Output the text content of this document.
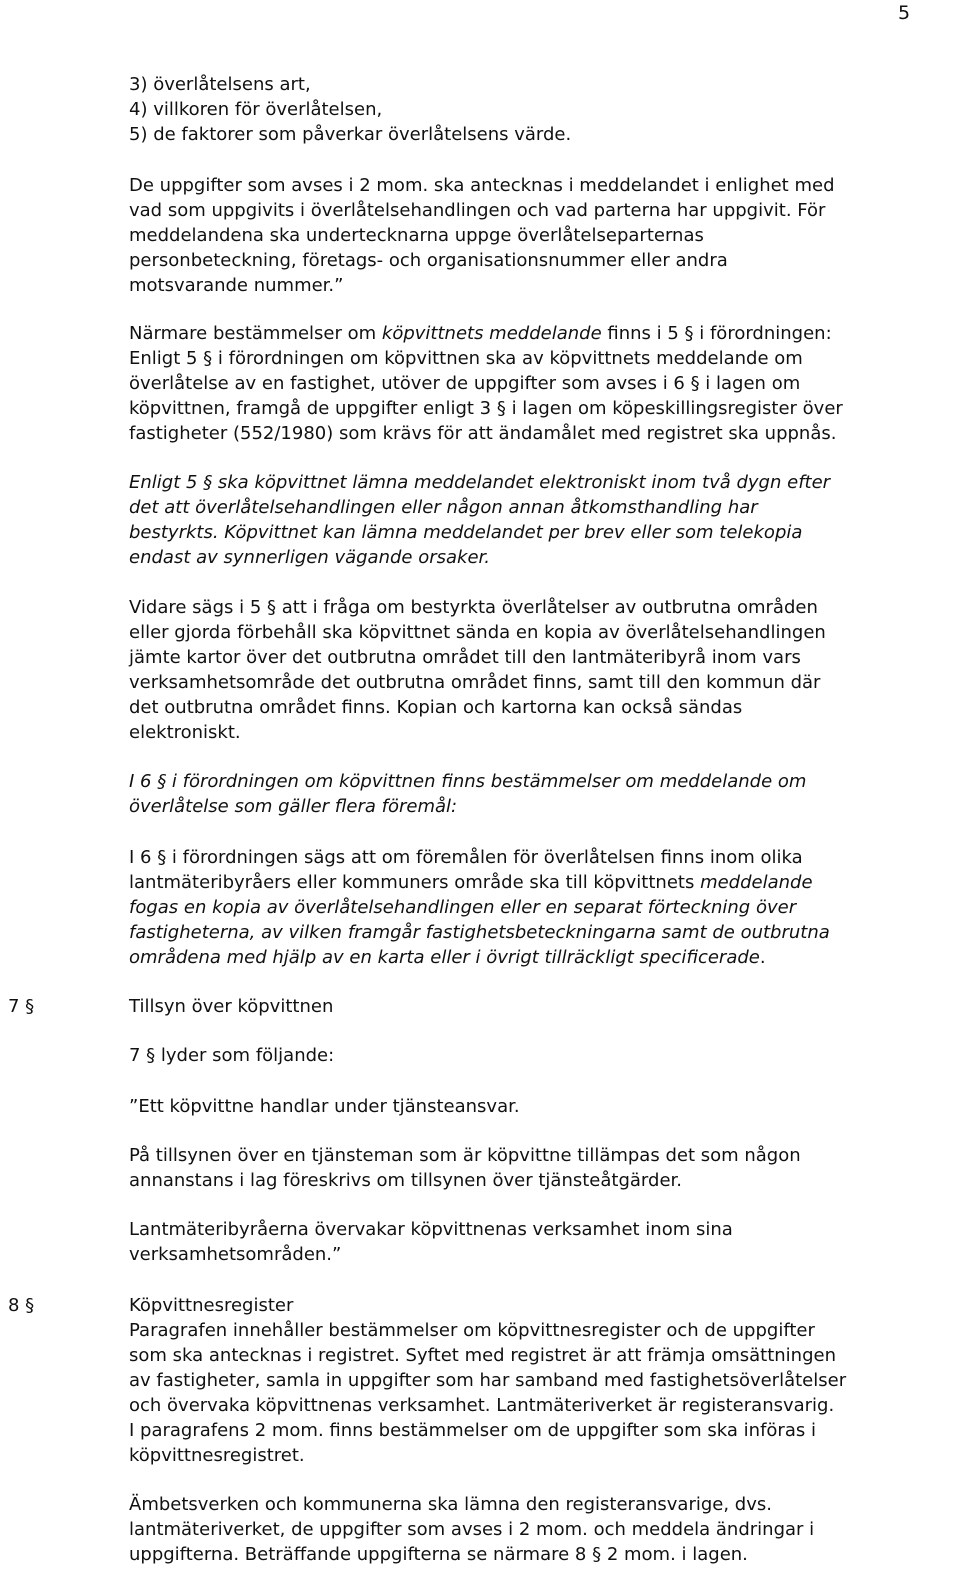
5
3) överlåtelsens art,
4) villkoren för överlåtelsen,
5) de faktorer som påverkar överlåtelsens värde.
De uppgifter som avses i 2 mom. ska antecknas i meddelandet i enlighet med
vad som uppgivits i överlåtelsehandlingen och vad parterna har uppgivit. För
meddelandena ska undertecknarna uppge överlåtelseparternas
personbeteckning, företags- och organisationsnummer eller andra
motsvarande nummer.”
Närmare bestämmelser om köpvittnets meddelande finns i 5 § i förordningen:
Enligt 5 § i förordningen om köpvittnen ska av köpvittnets meddelande om
överlåtelse av en fastighet, utöver de uppgifter som avses i 6 § i lagen om
köpvittnen, framgå de uppgifter enligt 3 § i lagen om köpeskillingsregister över
fastigheter (552/1980) som krävs för att ändamålet med registret ska uppnås.
Enligt 5 § ska köpvittnet lämna meddelandet elektroniskt inom två dygn efter
det att överlåtelsehandlingen eller någon annan åtkomsthandling har
bestyrkts. Köpvittnet kan lämna meddelandet per brev eller som telekopia
endast av synnerligen vägande orsaker.
Vidare sägs i 5 § att i fråga om bestyrkta överlåtelser av outbrutna områden
eller gjorda förbehåll ska köpvittnet sända en kopia av överlåtelsehandlingen
jämte kartor över det outbrutna området till den lantmäteribyrå inom vars
verksamhetsområde det outbrutna området finns, samt till den kommun där
det outbrutna området finns. Kopian och kartorna kan också sändas
elektroniskt.
I 6 § i förordningen om köpvittnen finns bestämmelser om meddelande om
överlåtelse som gäller flera föremål:
I 6 § i förordningen sägs att om föremålen för överlåtelsen finns inom olika
lantmäteribyråers eller kommuners område ska till köpvittnets meddelande
fogas en kopia av överlåtelsehandlingen eller en separat förteckning över
fastigheterna, av vilken framgår fastighetsbeteckningarna samt de outbrutna
områdena med hjälp av en karta eller i övrigt tillräckligt specificerade.
7 §	Tillsyn över köpvittnen
7 § lyder som följande:
”Ett köpvittne handlar under tjänsteansvar.
På tillsynen över en tjänsteman som är köpvittne tillämpas det som någon
annanstans i lag föreskrivs om tillsynen över tjänsteåtgärder.
Lantmäteribyråerna övervakar köpvittnenas verksamhet inom sina
verksamhetsområden.”
8 §	Köpvittnesregister
Paragrafen innehåller bestämmelser om köpvittnesregister och de uppgifter
som ska antecknas i registret. Syftet med registret är att främja omsättningen
av fastigheter, samla in uppgifter som har samband med fastighetsöverlåtelser
och övervaka köpvittnenas verksamhet. Lantmäteriverket är registeransvarig.
I paragrafens 2 mom. finns bestämmelser om de uppgifter som ska införas i
köpvittnesregistret.
Ämbetsverken och kommunerna ska lämna den registeransvarige, dvs.
lantmäteriverket, de uppgifter som avses i 2 mom. och meddela ändringar i
uppgifterna. Beträffande uppgifterna se närmare 8 § 2 mom. i lagen.
